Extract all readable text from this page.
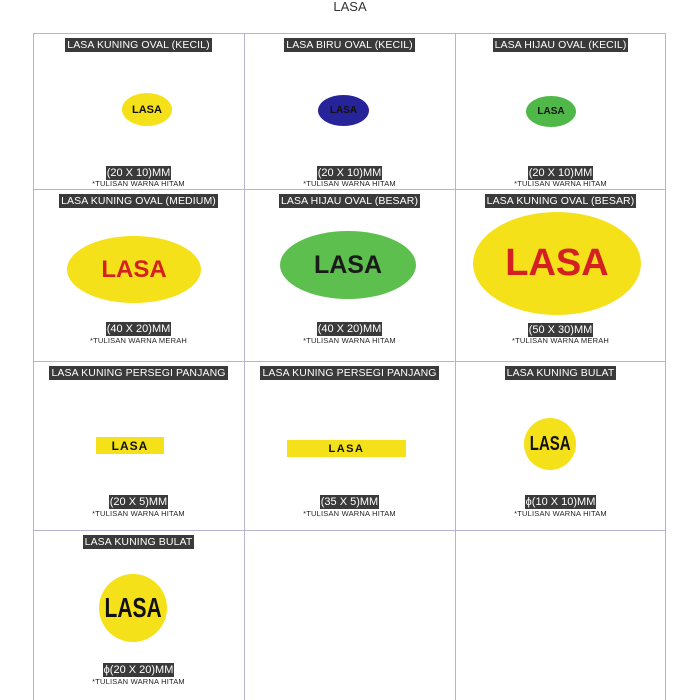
LASA
LASA KUNING OVAL (KECIL)
LASA
(20 X 10)MM
*TULISAN WARNA HITAM
LASA BIRU OVAL (KECIL)
LASA
(20 X 10)MM
*TULISAN WARNA HITAM
LASA HIJAU OVAL (KECIL)
LASA
(20 X 10)MM
*TULISAN WARNA HITAM
LASA KUNING OVAL (MEDIUM)
LASA
(40 X 20)MM
*TULISAN WARNA MERAH
LASA HIJAU OVAL (BESAR)
LASA
(40 X 20)MM
*TULISAN WARNA HITAM
LASA KUNING OVAL (BESAR)
LASA
(50 X 30)MM
*TULISAN WARNA MERAH
LASA KUNING PERSEGI PANJANG
LASA
(20 X 5)MM
*TULISAN WARNA HITAM
LASA KUNING PERSEGI PANJANG
LASA
(35 X 5)MM
*TULISAN WARNA HITAM
LASA KUNING BULAT
LASA
ϕ(10 X 10)MM
*TULISAN WARNA HITAM
LASA KUNING BULAT
LASA
ϕ(20 X 20)MM
*TULISAN WARNA HITAM
